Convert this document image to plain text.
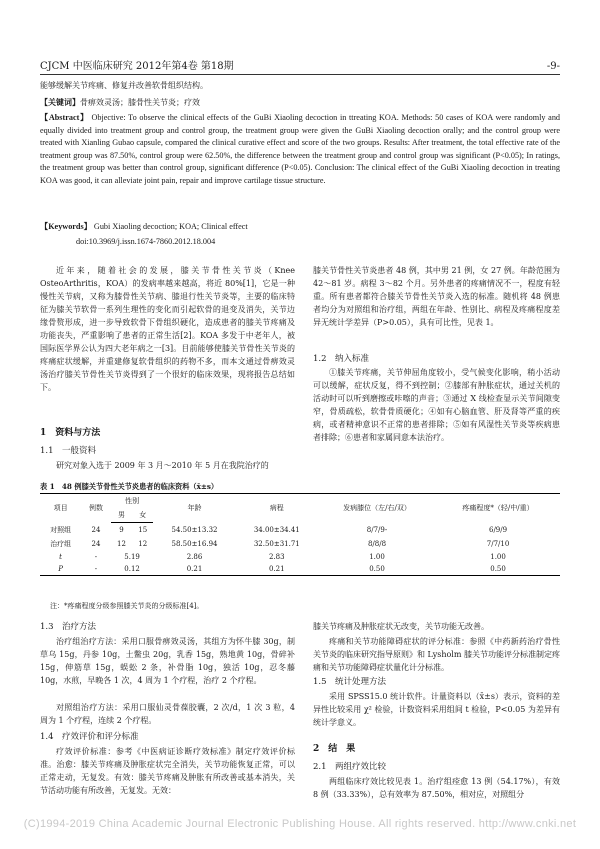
CJCM 中医临床研究 2012年第4卷 第18期	-9-
能够缓解关节疼痛、修复并改善软骨组织结构。
【关键词】骨痹效灵汤；膝骨性关节炎；疗效
【Abstract】 Objective: To observe the clinical effects of the GuBi Xiaoling decoction in ttreating KOA. Methods: 50 cases of KOA were randomly and equally divided into treatment group and control group, the treatment group were given the GuBi Xiaoling decoction orally; and the control group were treated with Xianling Gubao capsule, compared the clinical curative effect and score of the two groups. Results: After treatment, the total effective rate of the treatment group was 87.50%, control group were 62.50%, the difference between the treatment group and control group was significant (P<0.05); In ratings, the treatment group was better than control group, significant difference (P<0.05). Conclusion: The clinical effect of the GuBi Xiaoling decoction in treating KOA was good, it can alleviate joint pain, repair and improve cartilage tissue structure.
【Keywords】 Gubi Xiaoling decoction; KOA; Clinical effect
doi:10.3969/j.issn.1674-7860.2012.18.004
近年来，随着社会的发展，膝关节骨性关节炎（Knee OsteoArthritis，KOA）的发病率越来越高，将近 80%[1]，它是一种慢性关节病，又称为膝骨性关节病、膝退行性关节炎等，主要的临床特征为膝关节软骨一系列生理性的变化而引起软骨的退变及消失，关节边缘骨赘形成，进一步导致软骨下骨组织硬化，造成患者的膝关节疼痛及功能丧失，严重影响了患者的正常生活[2]。KOA 多发于中老年人，被国际医学界公认为四大老年病之一[3]。目前能够使膝关节骨性关节炎的疼痛症状缓解，并重建修复软骨组织的药物不多，而本文通过骨痹效灵汤治疗膝关节骨性关节炎得到了一个很好的临床效果，现将报告总结如下。
1　资料与方法
1.1　一般资料
研究对象入选于 2009 年 3 月～2010 年 5 月在我院治疗的
膝关节骨性关节炎患者 48 例，其中男 21 例，女 27 例。年龄范围为 42～81 岁。病程 3～82 个月。另外患者的疼痛情况不一，程度有轻重。所有患者都符合膝关节骨性关节炎入选的标准。随机将 48 例患者均分为对照组和治疗组，两组在年龄、性别比、病程及疼痛程度差异无统计学差异（P>0.05），具有可比性，见表 1。
1.2　纳入标准
①膝关节疼痛，关节伸屈角度较小，受气候变化影响，稍小活动可以缓解，症状反复，得不到控制；②膝部有肿胀症状，通过关机的活动时可以听到磨擦或咔嚓的声音；③通过 X 线检查显示关节间隙变窄，骨质疏松，软骨骨质硬化；④如有心脑血管、肝及肾等严重的疾病，或者精神意识不正常的患者排除；⑤如有风湿性关节炎等疾病患者排除；⑥患者和家属同意本法治疗。
表 1　48 例膝关节骨性关节炎患者的临床资料（x̄±s）
项目	例数	性别		年龄	病程	发病膝位（左/右/双）	疼痛程度*（轻/中/重）
		男	女				
对照组	24	9	15	54.50±13.32	34.00±34.41	8/7/9-	6/9/9
治疗组	24	12	12	58.50±16.94	32.50±31.71	8/8/8	7/7/10
t	-	5.19		2.86	2.83	1.00	1.00
P	-	0.12		0.21	0.21	0.50	0.50
注：*疼痛程度分级参照膝关节炎的分级标准[4]。
1.3　治疗方法
治疗组治疗方法：采用口服骨痹效灵汤，其组方为怀牛膝 30g，制草乌 15g，丹参 10g，土鳖虫 20g，乳香 15g，熟地黄 10g，骨碎补 15g，伸筋草 15g，蜈蚣 2 条，补骨脂 10g，独活 10g，忍冬藤 10g，水煎，早晚各 1 次，4 周为 1 个疗程，治疗 2 个疗程。
对照组治疗方法：采用口服仙灵骨葆胶囊，2 次/d，1 次 3 粒，4 周为 1 个疗程，连续 2 个疗程。
1.4　疗效评价和评分标准
疗效评价标准：参考《中医病证诊断疗效标准》制定疗效评价标准。治愈：膝关节疼痛及肿胀症状完全消失，关节功能恢复正常，可以正常走动，无复发。有效：膝关节疼痛及肿胀有所改善或基本消失，关节活动功能有所改善，无复发。无效：
膝关节疼痛及肿胀症状无改变，关节功能无改善。
疼痛和关节功能障碍症状的评分标准：参照《中药新药治疗骨性关节炎的临床研究指导原则》和 Lysholm 膝关节功能评分标准制定疼痛和关节功能障碍症状量化计分标准。
1.5　统计处理方法
采用 SPSS15.0 统计软件。计量资料以（x̄±s）表示，资料的差异性比较采用 χ² 检验，计数资料采用组间 t 检验，P<0.05 为差异有统计学意义。
2　结　果
2.1　两组疗效比较
两组临床疗效比较见表 1。治疗组痊愈 13 例（54.17%），有效 8 例（33.33%），总有效率为 87.50%，相对应，对照组分
(C)1994-2019 China Academic Journal Electronic Publishing House. All rights reserved. http://www.cnki.net
